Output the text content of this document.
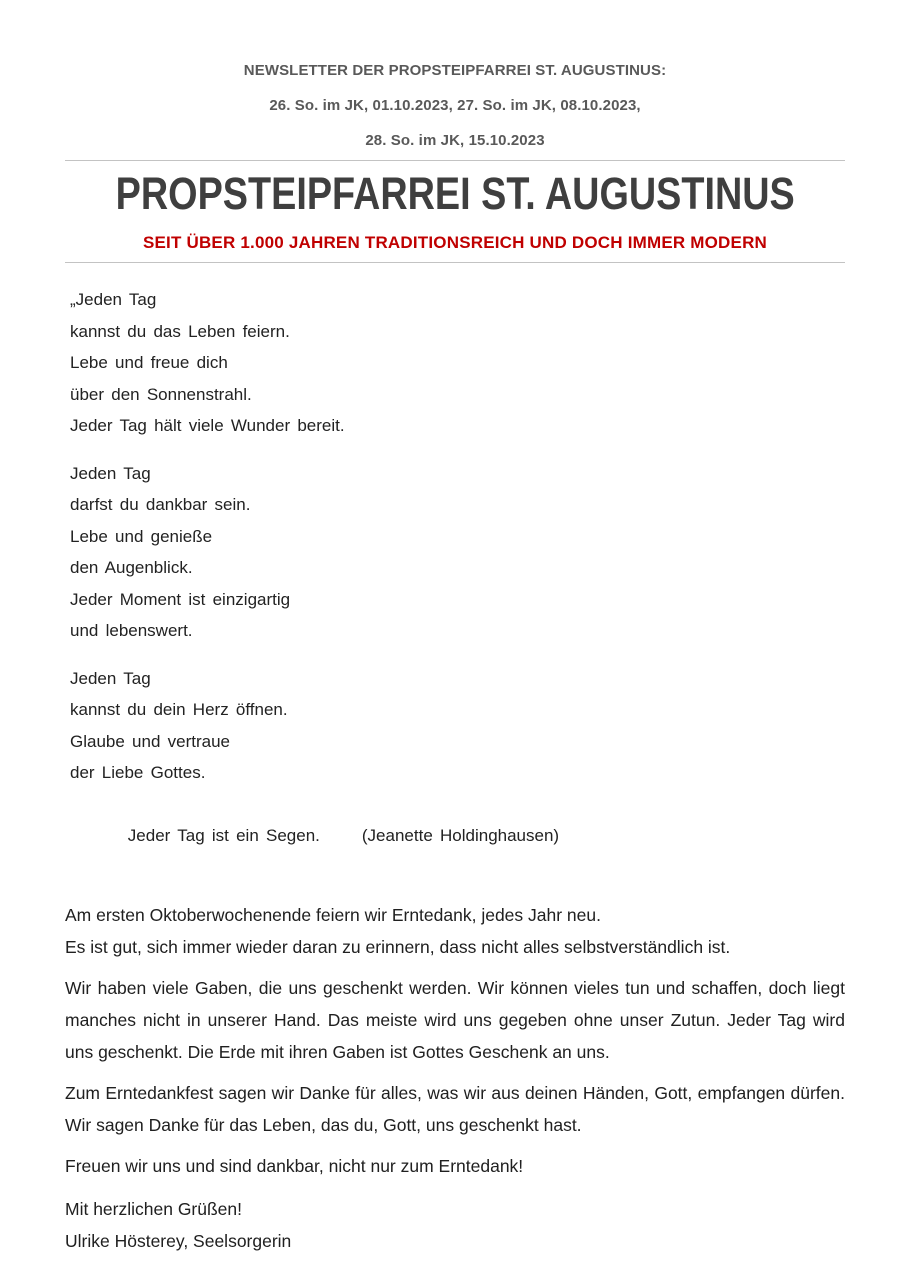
NEWSLETTER DER PROPSTEIPFARREI ST. AUGUSTINUS:
26. So. im JK, 01.10.2023, 27. So. im JK, 08.10.2023,
28. So. im JK, 15.10.2023
PROPSTEIPFARREI ST. AUGUSTINUS
SEIT ÜBER 1.000 JAHREN TRADITIONSREICH UND DOCH IMMER MODERN
„Jeden Tag
kannst du das Leben feiern.
Lebe und freue dich
über den Sonnenstrahl.
Jeder Tag hält viele Wunder bereit.
Jeden Tag
darfst du dankbar sein.
Lebe und genieße
den Augenblick.
Jeder Moment ist einzigartig
und lebenswert.
Jeden Tag
kannst du dein Herz öffnen.
Glaube und vertraue
der Liebe Gottes.

Jeder Tag ist ein Segen. (Jeanette Holdinghausen)

Am ersten Oktoberwochenende feiern wir Erntedank, jedes Jahr neu.
Es ist gut, sich immer wieder daran zu erinnern, dass nicht alles selbstverständlich ist.

Wir haben viele Gaben, die uns geschenkt werden. Wir können vieles tun und schaffen, doch liegt manches nicht in unserer Hand. Das meiste wird uns gegeben ohne unser Zutun. Jeder Tag wird uns geschenkt. Die Erde mit ihren Gaben ist Gottes Geschenk an uns.

Zum Erntedankfest sagen wir Danke für alles, was wir aus deinen Händen, Gott, empfangen dürfen. Wir sagen Danke für das Leben, das du, Gott, uns geschenkt hast.

Freuen wir uns und sind dankbar, nicht nur zum Erntedank!

Mit herzlichen Grüßen!
Ulrike Hösterey, Seelsorgerin
